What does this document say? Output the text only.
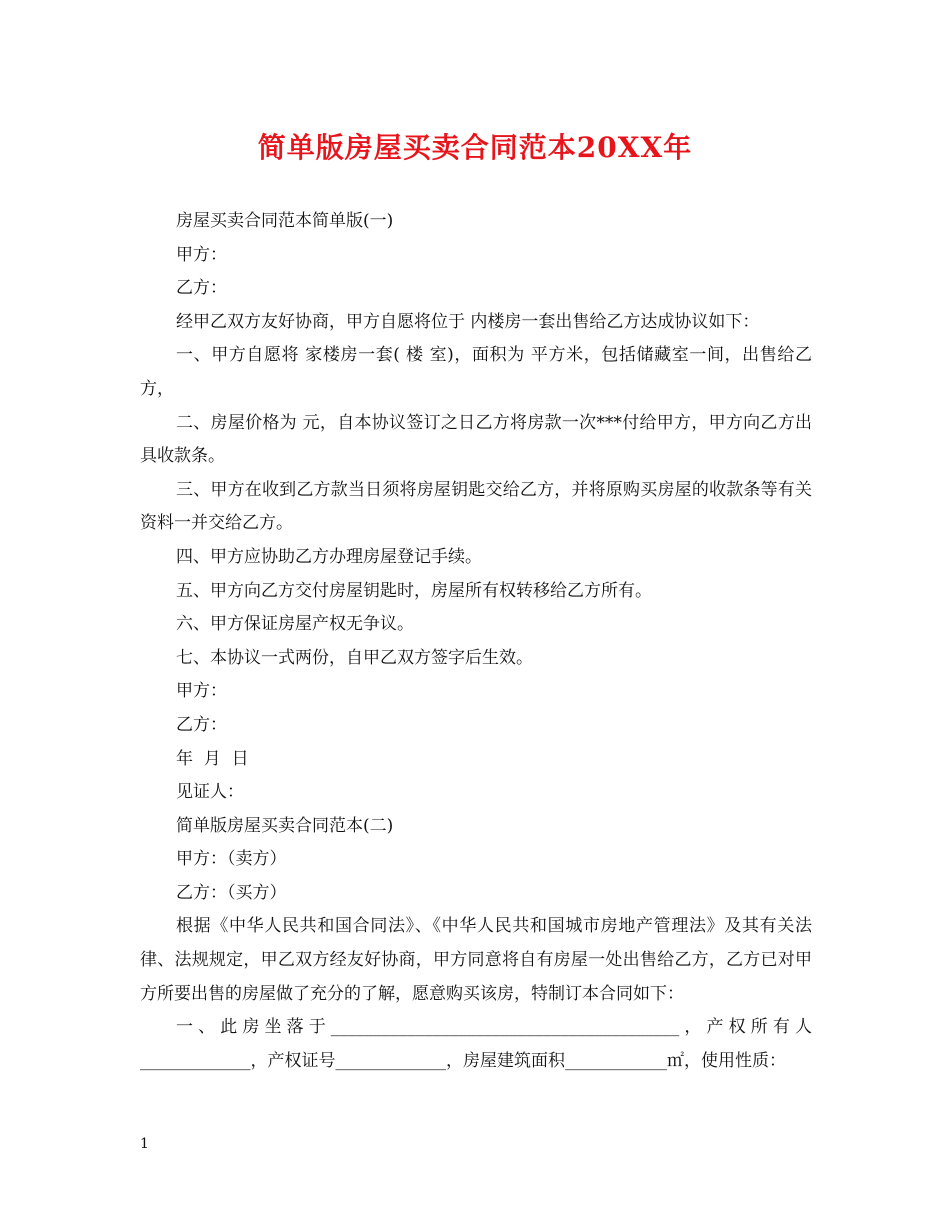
简单版房屋买卖合同范本20XX年

房屋买卖合同范本简单版(一)

甲方：

乙方：

经甲乙双方友好协商，甲方自愿将位于 内楼房一套出售给乙方达成协议如下：

一、甲方自愿将 家楼房一套( 楼 室)，面积为 平方米，包括储藏室一间，出售给乙方，

二、房屋价格为 元，自本协议签订之日乙方将房款一次***付给甲方，甲方向乙方出具收款条。

三、甲方在收到乙方款当日须将房屋钥匙交给乙方，并将原购买房屋的收款条等有关资料一并交给乙方。

四、甲方应协助乙方办理房屋登记手续。

五、甲方向乙方交付房屋钥匙时，房屋所有权转移给乙方所有。

六、甲方保证房屋产权无争议。

七、本协议一式两份，自甲乙双方签字后生效。

甲方：

乙方：

年  月  日

见证人：

简单版房屋买卖合同范本(二)

甲方：（卖方）

乙方：（买方）

根据《中华人民共和国合同法》、《中华人民共和国城市房地产管理法》及其有关法律、法规规定，甲乙双方经友好协商，甲方同意将自有房屋一处出售给乙方，乙方已对甲方所要出售的房屋做了充分的了解，愿意购买该房，特制订本合同如下：

一、此房坐落于_________________________________________，产权所有人_____________，产权证号_____________，房屋建筑面积____________㎡，使用性质：

1
